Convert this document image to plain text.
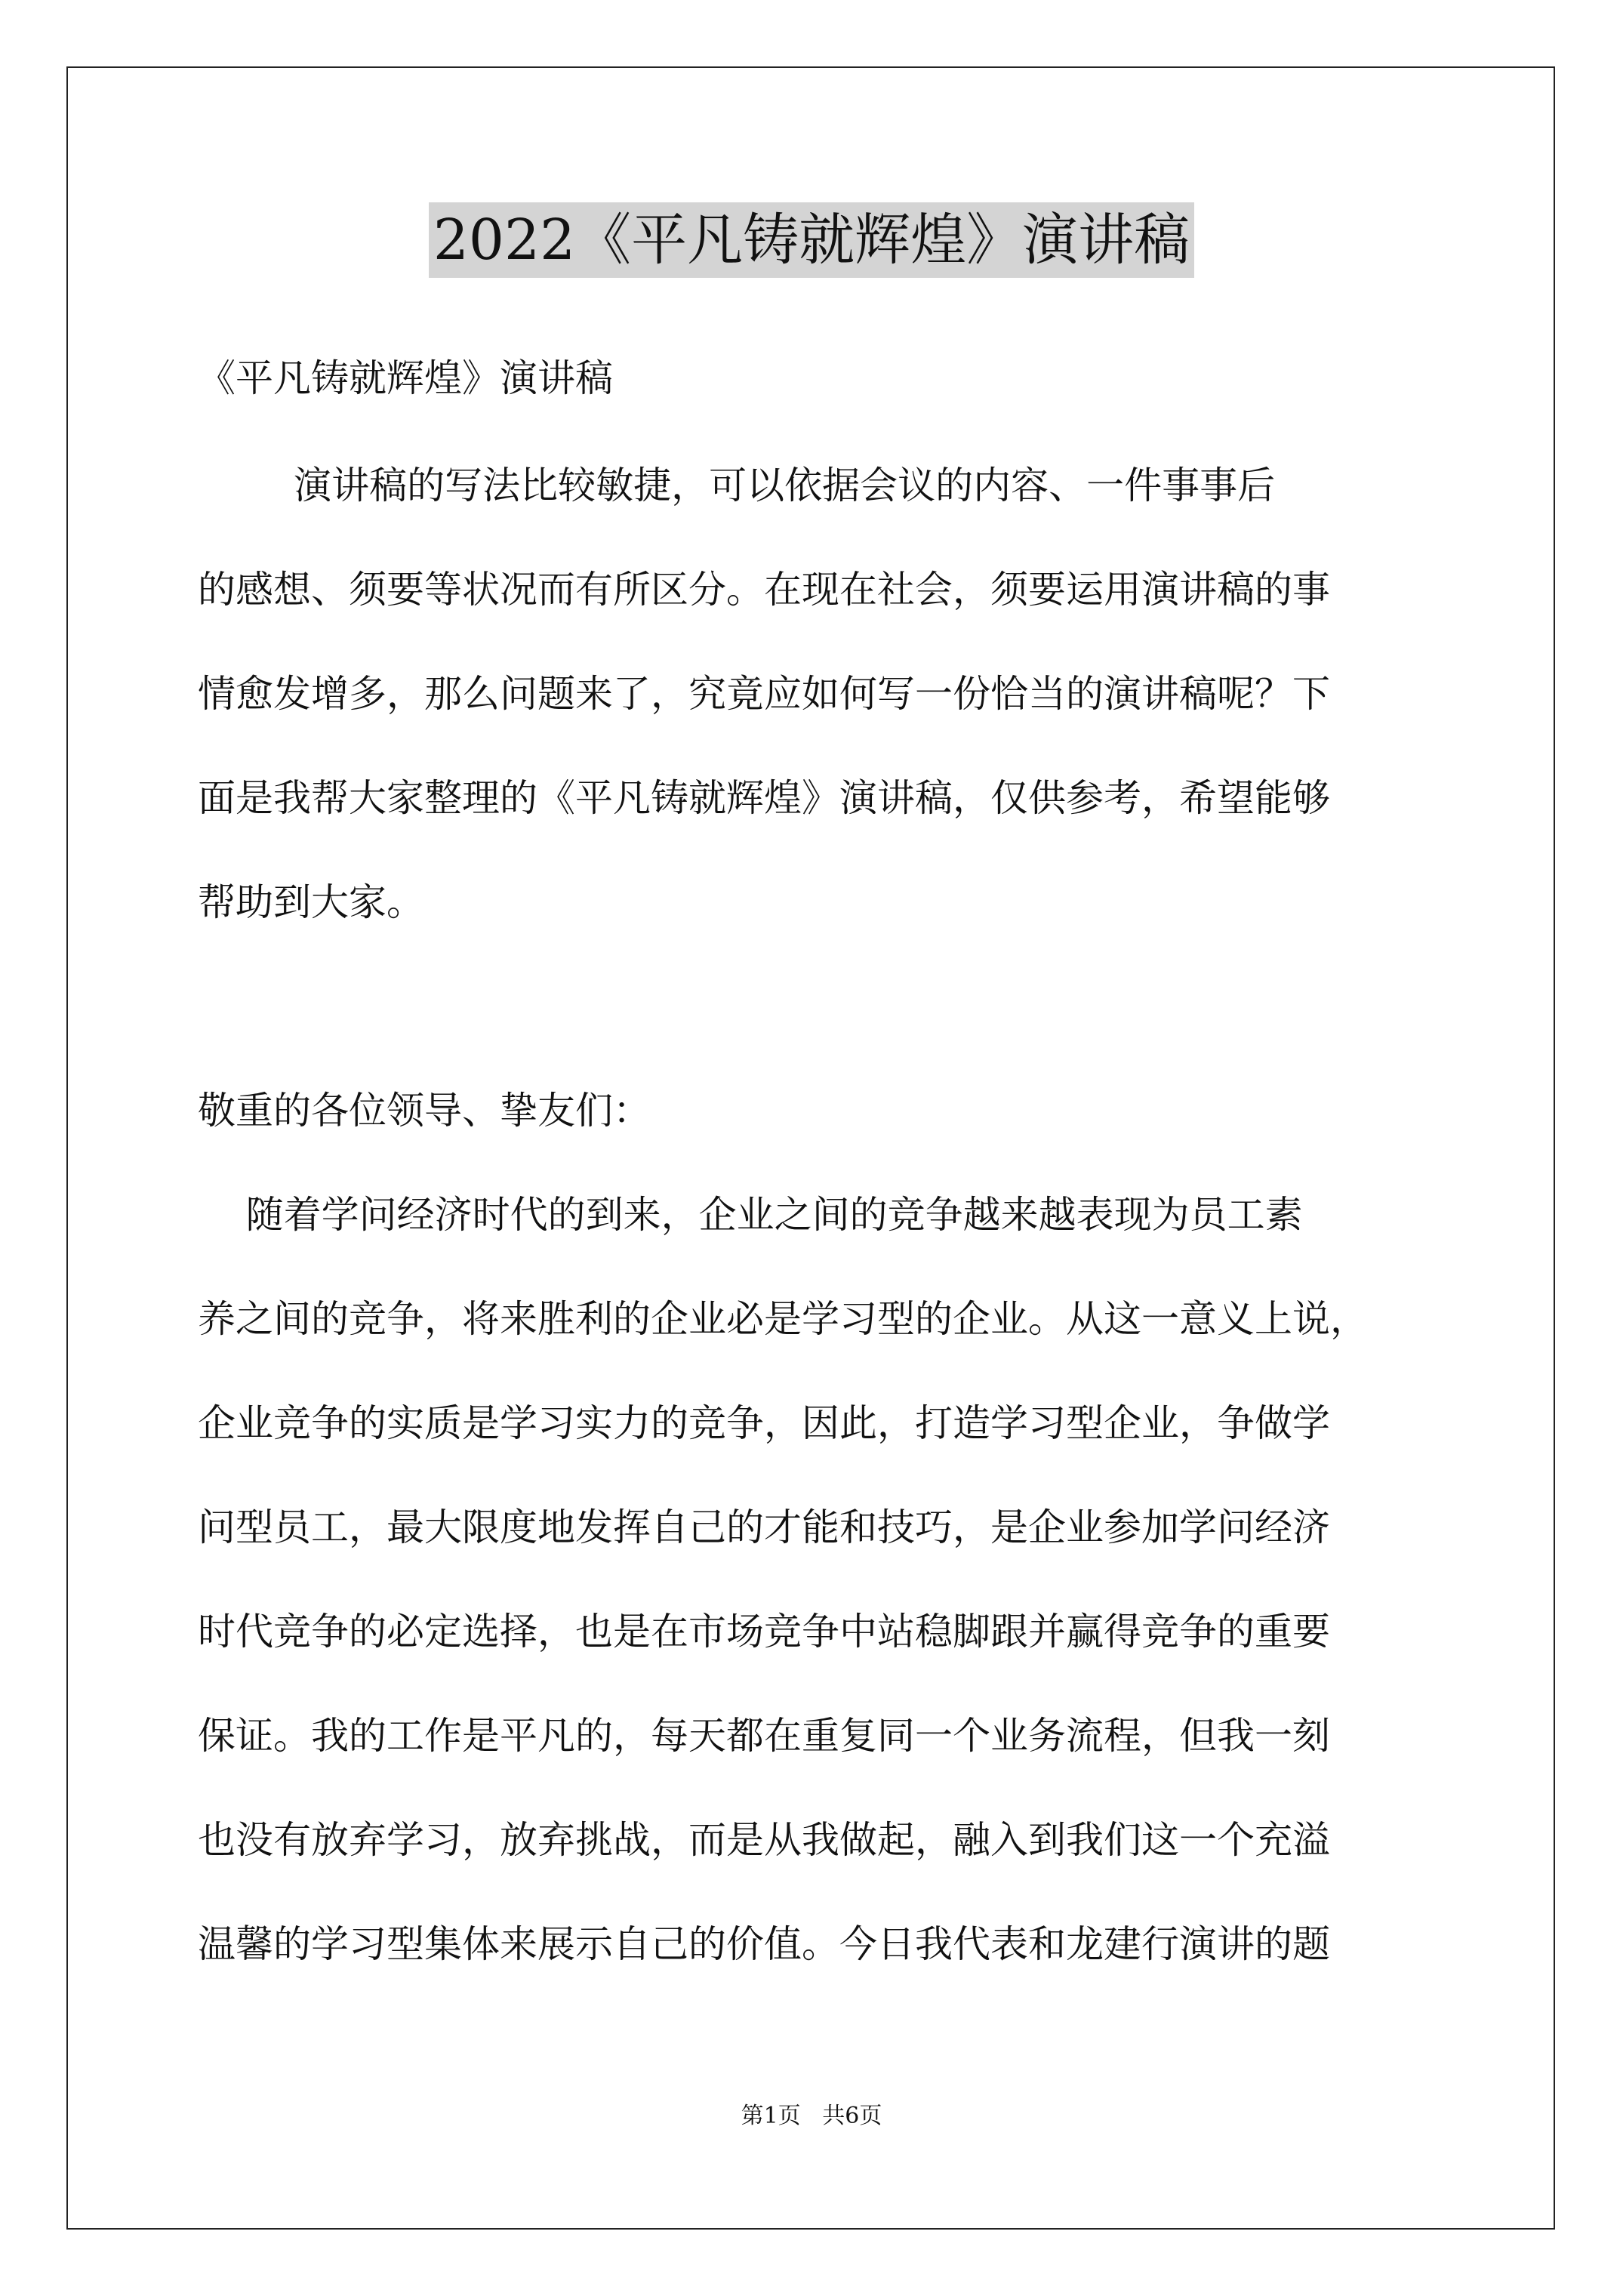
2022《平凡铸就辉煌》演讲稿

《平凡铸就辉煌》演讲稿

演讲稿的写法比较敏捷，可以依据会议的内容、一件事事后

的感想、须要等状况而有所区分。在现在社会，须要运用演讲稿的事

情愈发增多，那么问题来了，究竟应如何写一份恰当的演讲稿呢？下

面是我帮大家整理的《平凡铸就辉煌》演讲稿，仅供参考，希望能够

帮助到大家。

敬重的各位领导、挚友们：

随着学问经济时代的到来，企业之间的竞争越来越表现为员工素

养之间的竞争，将来胜利的企业必是学习型的企业。从这一意义上说，

企业竞争的实质是学习实力的竞争，因此，打造学习型企业，争做学

问型员工，最大限度地发挥自己的才能和技巧，是企业参加学问经济

时代竞争的必定选择，也是在市场竞争中站稳脚跟并赢得竞争的重要

保证。我的工作是平凡的，每天都在重复同一个业务流程，但我一刻

也没有放弃学习，放弃挑战，而是从我做起，融入到我们这一个充溢

温馨的学习型集体来展示自己的价值。今日我代表和龙建行演讲的题

第1页 共6页
